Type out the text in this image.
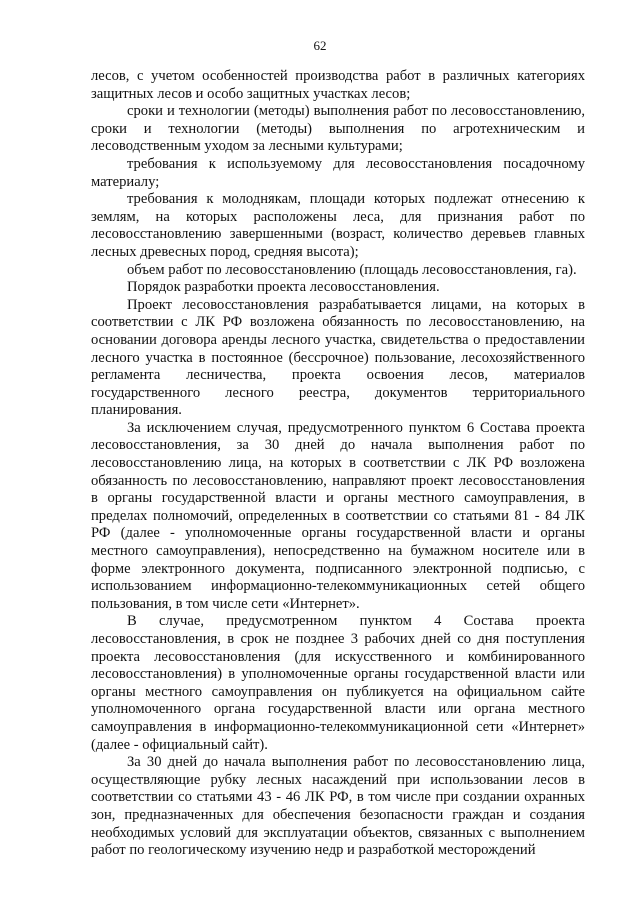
62

лесов, с учетом особенностей производства работ в различных категориях защитных лесов и особо защитных участках лесов;

сроки и технологии (методы) выполнения работ по лесовосстановлению, сроки и технологии (методы) выполнения по агротехническим и лесоводственным уходом за лесными культурами;

требования к используемому для лесовосстановления посадочному материалу;

требования к молоднякам, площади которых подлежат отнесению к землям, на которых расположены леса, для признания работ по лесовосстановлению завершенными (возраст, количество деревьев главных лесных древесных пород, средняя высота);

объем работ по лесовосстановлению (площадь лесовосстановления, га).

Порядок разработки проекта лесовосстановления.

Проект лесовосстановления разрабатывается лицами, на которых в соответствии с ЛК РФ возложена обязанность по лесовосстановлению, на основании договора аренды лесного участка, свидетельства о предоставлении лесного участка в постоянное (бессрочное) пользование, лесохозяйственного регламента лесничества, проекта освоения лесов, материалов государственного лесного реестра, документов территориального планирования.

За исключением случая, предусмотренного пунктом 6 Состава проекта лесовосстановления, за 30 дней до начала выполнения работ по лесовосстановлению лица, на которых в соответствии с ЛК РФ возложена обязанность по лесовосстановлению, направляют проект лесовосстановления в органы государственной власти и органы местного самоуправления, в пределах полномочий, определенных в соответствии со статьями 81 - 84 ЛК РФ (далее - уполномоченные органы государственной власти и органы местного самоуправления), непосредственно на бумажном носителе или в форме электронного документа, подписанного электронной подписью, с использованием информационно-телекоммуникационных сетей общего пользования, в том числе сети «Интернет».

В случае, предусмотренном пунктом 4 Состава проекта лесовосстановления, в срок не позднее 3 рабочих дней со дня поступления проекта лесовосстановления (для искусственного и комбинированного лесовосстановления) в уполномоченные органы государственной власти или органы местного самоуправления он публикуется на официальном сайте уполномоченного органа государственной власти или органа местного самоуправления в информационно-телекоммуникационной сети «Интернет» (далее - официальный сайт).

За 30 дней до начала выполнения работ по лесовосстановлению лица, осуществляющие рубку лесных насаждений при использовании лесов в соответствии со статьями 43 - 46 ЛК РФ, в том числе при создании охранных зон, предназначенных для обеспечения безопасности граждан и создания необходимых условий для эксплуатации объектов, связанных с выполнением работ по геологическому изучению недр и разработкой месторождений
